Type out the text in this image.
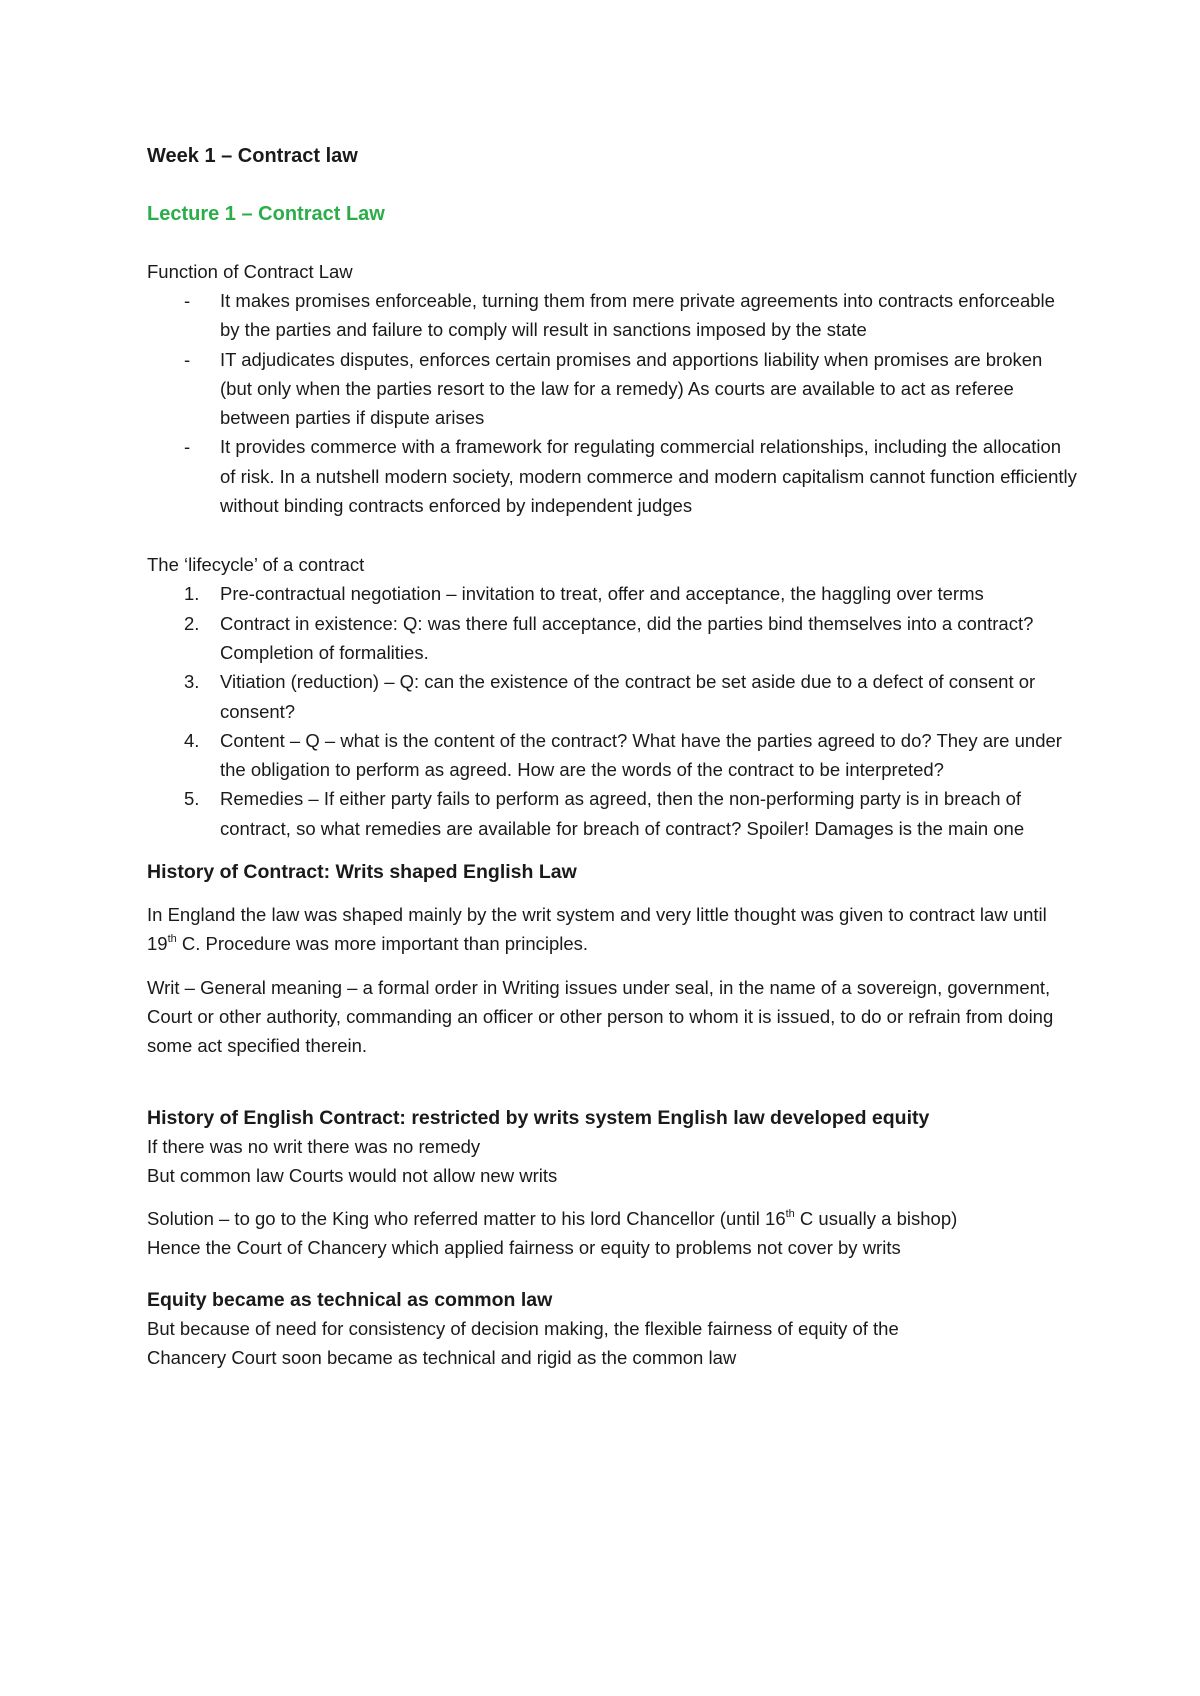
Week 1 – Contract law

Lecture 1 – Contract Law

Function of Contract Law

- It makes promises enforceable, turning them from mere private agreements into contracts enforceable by the parties and failure to comply will result in sanctions imposed by the state
- IT adjudicates disputes, enforces certain promises and apportions liability when promises are broken (but only when the parties resort to the law for a remedy) As courts are available to act as referee between parties if dispute arises
- It provides commerce with a framework for regulating commercial relationships, including the allocation of risk. In a nutshell modern society, modern commerce and modern capitalism cannot function efficiently without binding contracts enforced by independent judges

The ‘lifecycle’ of a contract

1. Pre-contractual negotiation – invitation to treat, offer and acceptance, the haggling over terms
2. Contract in existence: Q: was there full acceptance, did the parties bind themselves into a contract? Completion of formalities.
3. Vitiation (reduction) – Q: can the existence of the contract be set aside due to a defect of consent or consent?
4. Content – Q – what is the content of the contract? What have the parties agreed to do? They are under the obligation to perform as agreed. How are the words of the contract to be interpreted?
5. Remedies – If either party fails to perform as agreed, then the non-performing party is in breach of contract, so what remedies are available for breach of contract? Spoiler! Damages is the main one

History of Contract: Writs shaped English Law

In England the law was shaped mainly by the writ system and very little thought was given to contract law until 19th C. Procedure was more important than principles.

Writ – General meaning – a formal order in Writing issues under seal, in the name of a sovereign, government, Court or other authority, commanding an officer or other person to whom it is issued, to do or refrain from doing some act specified therein.

History of English Contract: restricted by writs system English law developed equity

If there was no writ there was no remedy

But common law Courts would not allow new writs

Solution – to go to the King who referred matter to his lord Chancellor (until 16th C usually a bishop)

Hence the Court of Chancery which applied fairness or equity to problems not cover by writs

Equity became as technical as common law

But because of need for consistency of decision making, the flexible fairness of equity of the

Chancery Court soon became as technical and rigid as the common law
